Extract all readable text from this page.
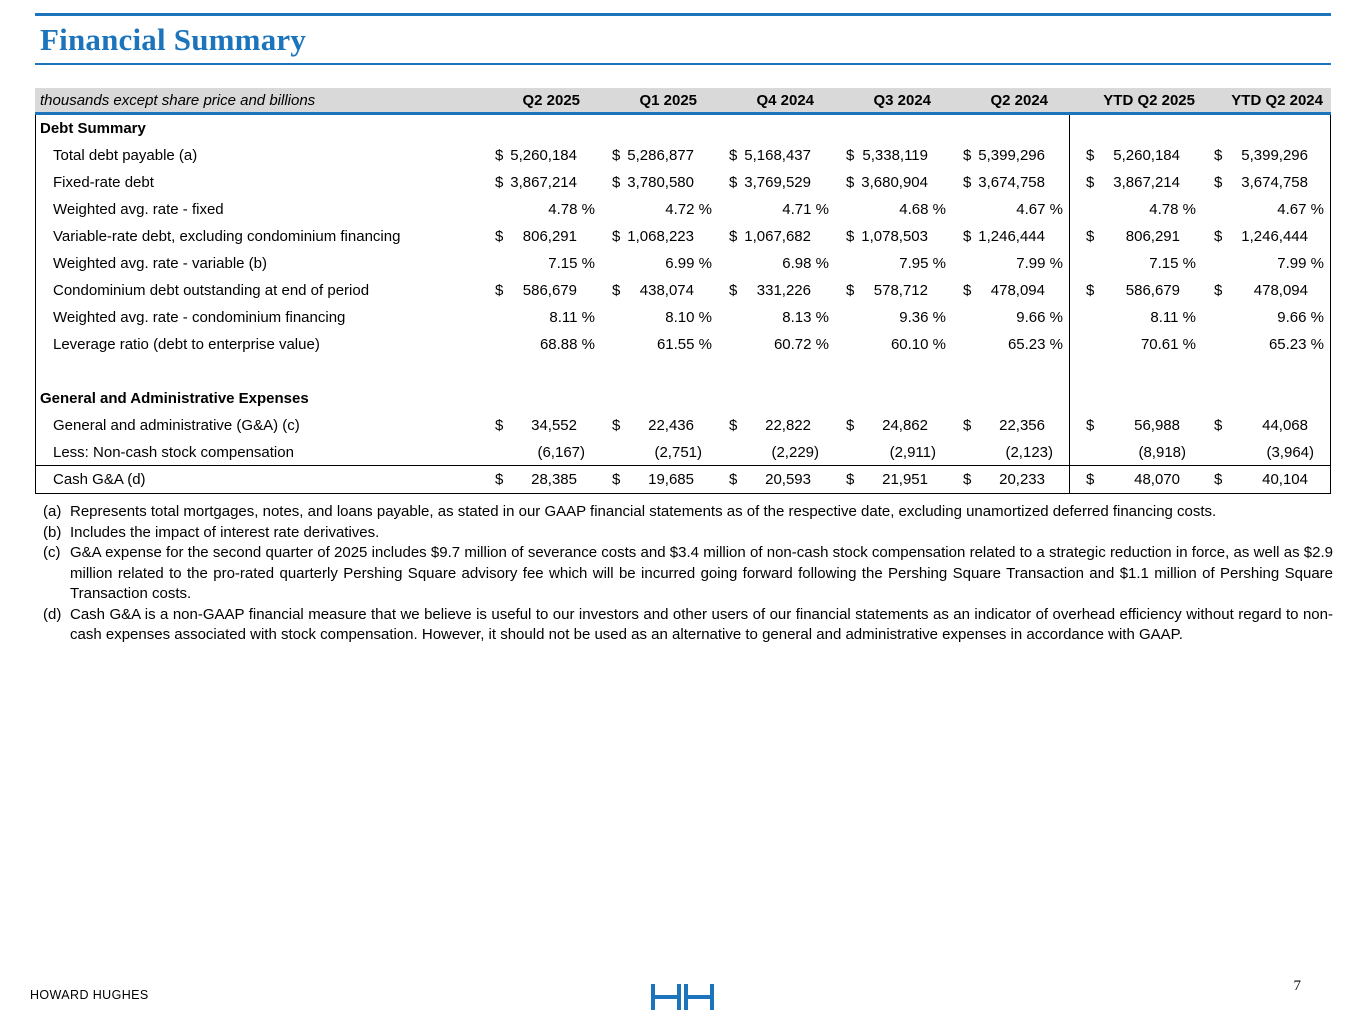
Financial Summary
thousands except share price and billions	Q2 2025	Q1 2025	Q4 2024	Q3 2024	Q2 2024	YTD Q2 2025	YTD Q2 2024
Debt Summary
Total debt payable (a)	$ 5,260,184 $ 5,286,877 $ 5,168,437 $ 5,338,119 $ 5,399,296	$ 5,260,184 $ 5,399,296
Fixed-rate debt	$ 3,867,214 $ 3,780,580 $ 3,769,529 $ 3,680,904 $ 3,674,758	$ 3,867,214 $ 3,674,758
Weighted avg. rate - fixed	4.78 %	4.72 %	4.71 %	4.68 %	4.67 %	4.78 %	4.67 %
Variable-rate debt, excluding condominium financing	$ 806,291 $ 1,068,223 $ 1,067,682 $ 1,078,503 $ 1,246,444	$ 806,291 $ 1,246,444
Weighted avg. rate - variable (b)	7.15 %	6.99 %	6.98 %	7.95 %	7.99 %	7.15 %	7.99 %
Condominium debt outstanding at end of period	$ 586,679 $ 438,074 $ 331,226 $ 578,712 $ 478,094	$ 586,679 $ 478,094
Weighted avg. rate - condominium financing	8.11 %	8.10 %	8.13 %	9.36 %	9.66 %	8.11 %	9.66 %
Leverage ratio (debt to enterprise value)	68.88 %	61.55 %	60.72 %	60.10 %	65.23 %	70.61 %	65.23 %
General and Administrative Expenses
General and administrative (G&A) (c)	$ 34,552 $ 22,436 $ 22,822 $ 24,862 $ 22,356	$	56,988 $	44,068
Less: Non-cash stock compensation	(6,167)	(2,751)	(2,229)	(2,911)	(2,123)	(8,918)	(3,964)
Cash G&A (d)	$ 28,385 $ 19,685 $ 20,593 $ 21,951 $ 20,233	$	48,070 $	40,104
(a) Represents total mortgages, notes, and loans payable, as stated in our GAAP financial statements as of the respective date, excluding unamortized deferred financing costs.
(b) Includes the impact of interest rate derivatives.
(c) G&A expense for the second quarter of 2025 includes $9.7 million of severance costs and $3.4 million of non-cash stock compensation related to a strategic reduction in force, as well as $2.9 million related to the pro-rated quarterly Pershing Square advisory fee which will be incurred going forward following the Pershing Square Transaction and $1.1 million of Pershing Square Transaction costs.
(d) Cash G&A is a non-GAAP financial measure that we believe is useful to our investors and other users of our financial statements as an indicator of overhead efficiency without regard to non-cash expenses associated with stock compensation. However, it should not be used as an alternative to general and administrative expenses in accordance with GAAP.
HOWARD HUGHES
7
